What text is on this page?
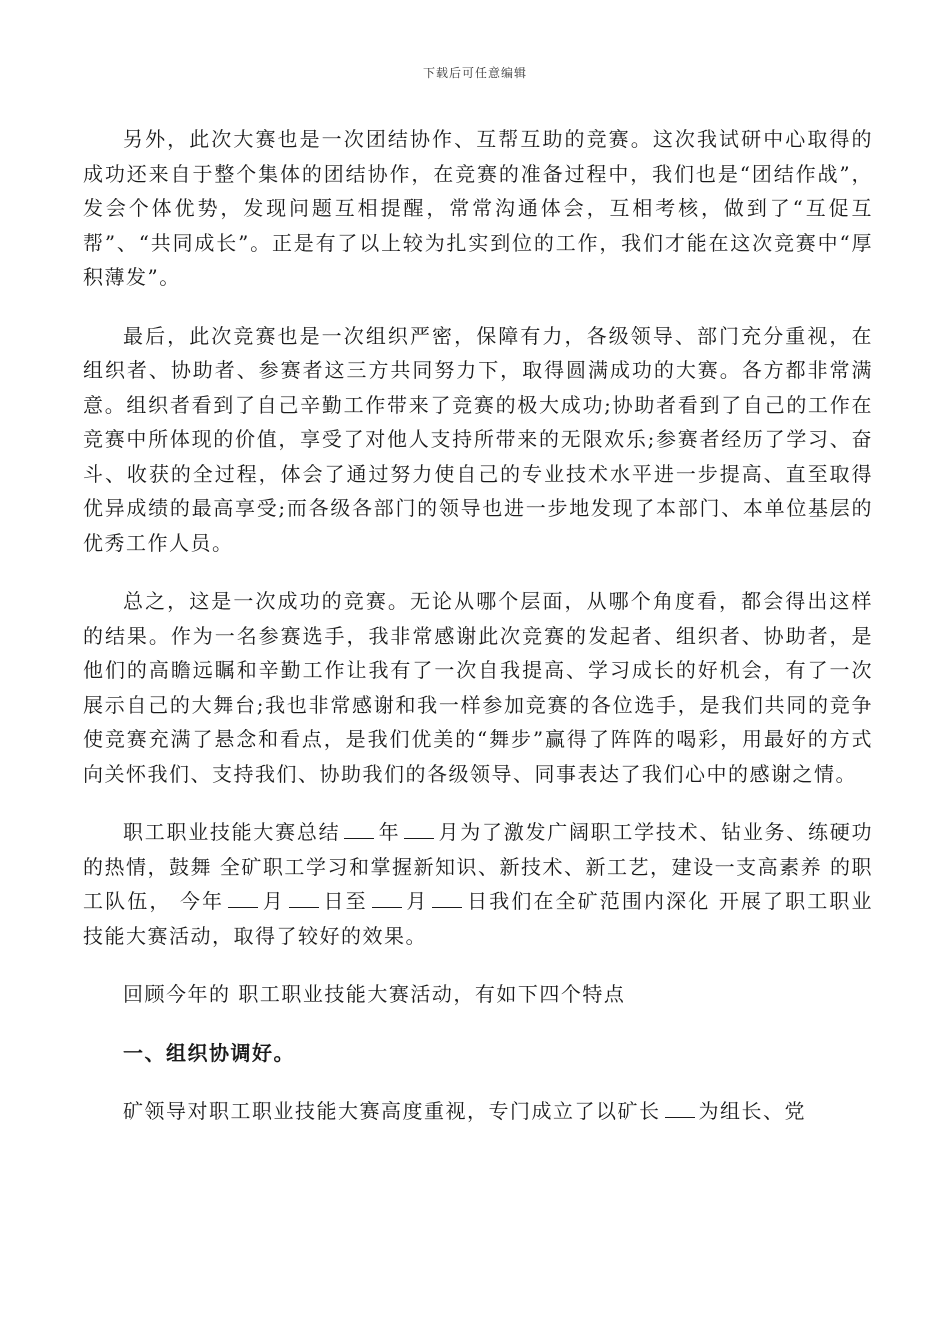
下载后可任意编辑

另外，此次大赛也是一次团结协作、互帮互助的竞赛。这次我试研中心取得的成功还来自于整个集体的团结协作，在竞赛的准备过程中，我们也是“团结作战”，发会个体优势，发现问题互相提醒，常常沟通体会，互相考核，做到了“互促互帮”、“共同成长”。正是有了以上较为扎实到位的工作，我们才能在这次竞赛中“厚积薄发”。

最后，此次竞赛也是一次组织严密，保障有力，各级领导、部门充分重视，在组织者、协助者、参赛者这三方共同努力下，取得圆满成功的大赛。各方都非常满意。组织者看到了自己辛勤工作带来了竞赛的极大成功;协助者看到了自己的工作在竞赛中所体现的价值，享受了对他人支持所带来的无限欢乐;参赛者经历了学习、奋斗、收获的全过程，体会了通过努力使自己的专业技术水平进一步提高、直至取得优异成绩的最高享受;而各级各部门的领导也进一步地发现了本部门、本单位基层的优秀工作人员。

总之，这是一次成功的竞赛。无论从哪个层面，从哪个角度看，都会得出这样的结果。作为一名参赛选手，我非常感谢此次竞赛的发起者、组织者、协助者，是他们的高瞻远瞩和辛勤工作让我有了一次自我提高、学习成长的好机会，有了一次展示自己的大舞台;我也非常感谢和我一样参加竞赛的各位选手，是我们共同的竞争使竞赛充满了悬念和看点，是我们优美的“舞步”赢得了阵阵的喝彩，用最好的方式向关怀我们、支持我们、协助我们的各级领导、同事表达了我们心中的感谢之情。

职工职业技能大赛总结 年 月为了激发广阔职工学技术、钻业务、练硬功的热情，鼓舞 全矿职工学习和掌握新知识、新技术、新工艺，建设一支高素养 的职工队伍， 今年 月 日至 月 日我们在全矿范围内深化 开展了职工职业技能大赛活动，取得了较好的效果。

回顾今年的 职工职业技能大赛活动，有如下四个特点

一、组织协调好。

矿领导对职工职业技能大赛高度重视，专门成立了以矿长 为组长、党
